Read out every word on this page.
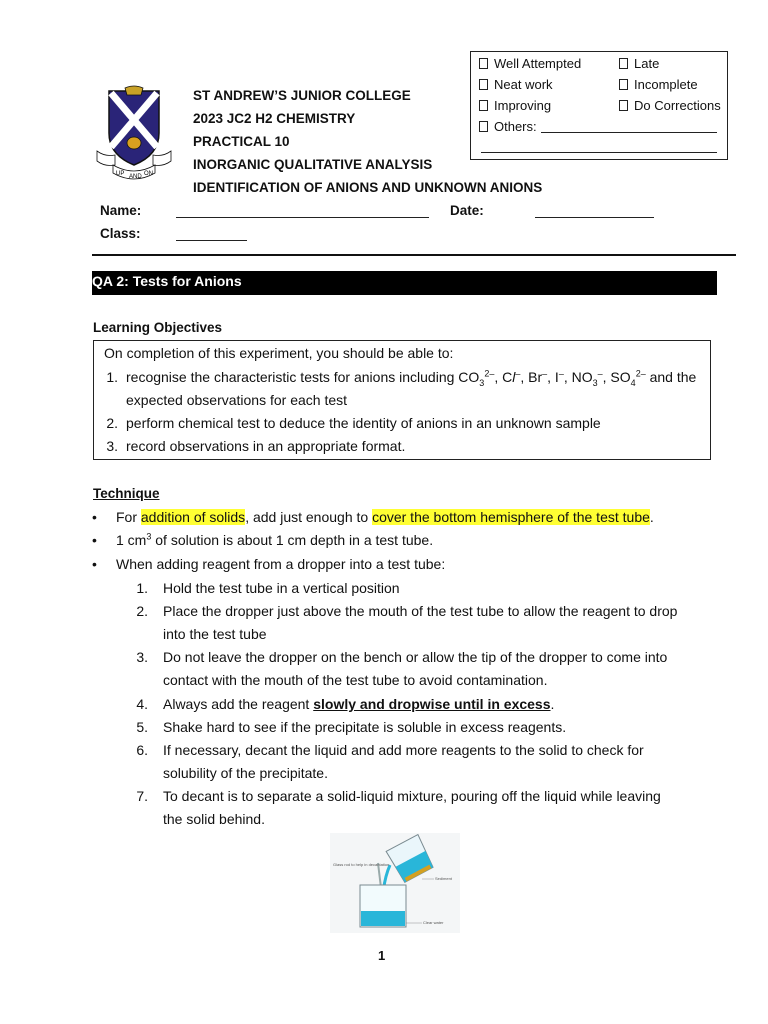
Well Attempted	Late
Neat work	Incomplete
Improving	Do Corrections
Others:
UP AND ON
ST ANDREW’S JUNIOR COLLEGE
2023 JC2 H2 CHEMISTRY
PRACTICAL 10
INORGANIC QUALITATIVE ANALYSIS
IDENTIFICATION OF ANIONS AND UNKNOWN ANIONS
Name:	Date:
Class:
QA 2: Tests for Anions
Learning Objectives
On completion of this experiment, you should be able to:
1. recognise the characteristic tests for anions including $CO_3^{2-}$, Cl–, Br–, I–, $NO_3^-$, $SO_4^{2-}$ and the
expected observations for each test
2. perform chemical test to deduce the identity of anions in an unknown sample
3. record observations in an appropriate format.
Technique
• For addition of solids, add just enough to cover the bottom hemisphere of the test tube.
• 1 $cm^3$ of solution is about 1 cm depth in a test tube.
• When adding reagent from a dropper into a test tube:
1. Hold the test tube in a vertical position
2. Place the dropper just above the mouth of the test tube to allow the reagent to drop
into the test tube
3. Do not leave the dropper on the bench or allow the tip of the dropper to come into
contact with the mouth of the test tube to avoid contamination.
4. Always add the reagent slowly and dropwise until in excess.
5. Shake hard to see if the precipitate is soluble in excess reagents.
6. If necessary, decant the liquid and add more reagents to the solid to check for
solubility of the precipitate.
7. To decant is to separate a solid-liquid mixture, pouring off the liquid while leaving
the solid behind.
Glass rod to help in decantation
Sediment
Clear water
1
